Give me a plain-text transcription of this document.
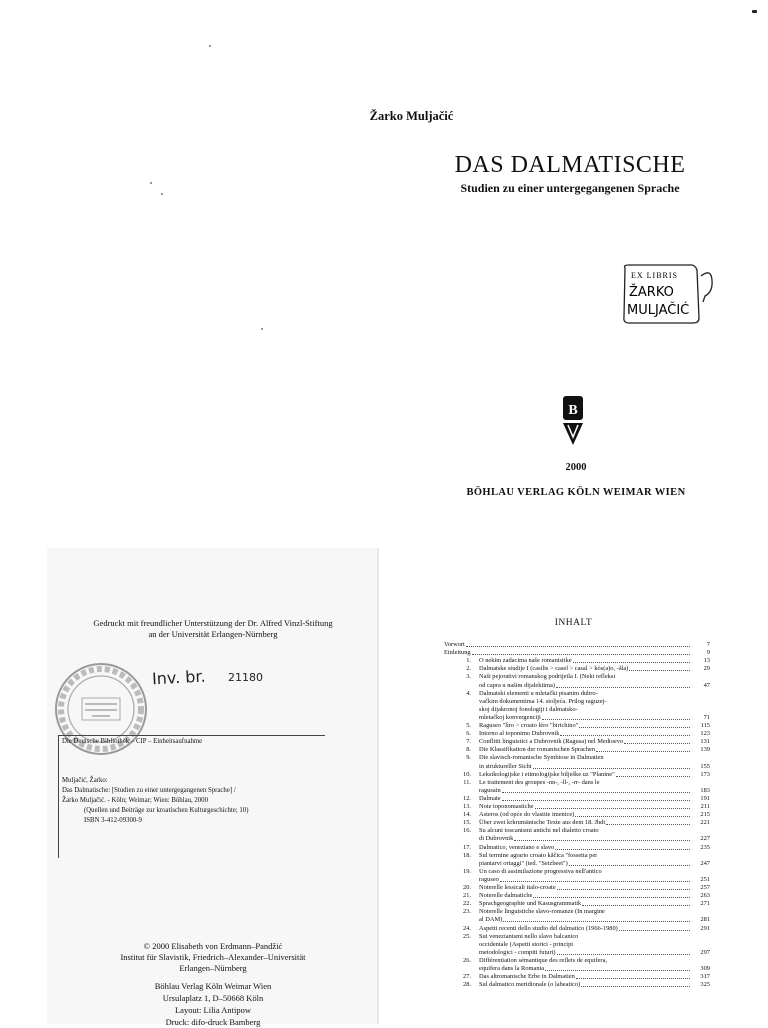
Žarko Muljačić
DAS DALMATISCHE
Studien zu einer untergegangenen Sprache
EX LIBRIS
ŽARKO
MULJAČIĆ
B
2000
BÖHLAU VERLAG KÖLN WEIMAR WIEN
Gedruckt mit freundlicher Unterstützung der Dr. Alfred Vinzl-Stiftung
an der Universität Erlangen-Nürnberg
© 2000 Elisabeth von Erdmann–Pandžić
Institut für Slavistik, Friedrich–Alexander–Universität
Erlangen–Nürnberg
Böhlau Verlag Köln Weimar Wien
Ursulaplatz 1, D–50668 Köln
Layout: Lilia Antipow
Druck: difo-druck Bamberg
Inv. br. 21180
Die Deutsche Bibliothek – CIP – Einheitsaufnahme
Muljačić, Žarko:
Das Dalmatische: [Studien zu einer untergegangenen Sprache] /
Žarko Muljačić. - Köln; Weimar; Wien: Böhlau, 2000
(Quellen und Beiträge zur kroatischen Kulturgeschichte; 10)
ISBN 3-412-09300-9
INHALT
Vorwort	7
Einleitung	9
1. O nekim zadacima naše romanistike	13
2. Dalmatske studije I (casilis > casel > casal > kòs(a)o, -ăla)	29
3. Naši pejorativi romanskog podrijetla I. (Neki refleksi
od capra u našim dijalektima)	47
4. Dalmatski elementi u mletački pisanim dubro-
vačkim dokumentima 14. stoljeća. Prilog raguzej-
skoj dijakronoj fonologiji i dalmatsko-
mletačkoj konvergenciji	71
5. Raguseo "lìro > croato léro "birichino"	115
6. Intorno al toponimo Dubrovnik	123
7. Conflitti linguistici a Dubrovnik (Ragusa) nel Medioevo	131
8. Die Klassifikation der romanischen Sprachen	139
9. Die slavisch-romanische Symbiose in Dalmatien
in strukturеller Sicht	155
10. Leksikologijske i etimologijske bilješke uz "Planine"	173
11. Le traitement des groupes -nn-, -ll-, -rr- dans le
ragusain	183
12. Dalmate	191
13. Note toponomastiche	211
14. Asteros (od opće do vlastite imenice)	215
15. Über zwei krkrumänische Texte aus dem 18. Jhdt	221
16. Su alcuni toscanismi antichi nel dialetto croato
di Dubrovnik	227
17. Dalmatico, veneziano e slavo	235
18. Sul termine agrario croato kăčica "fossetta per
piantarvi ortaggi" (ted. "Setzbeet")	247
19. Un caso di assimilazione progressiva nell'antico
raguseo	251
20. Noterelle lessicali italo-croate	257
21. Noterelle dalmatiche	263
22. Sprachgeographie und Kasusgrammatik	271
23. Noterelle linguistiche slavo-romanze (In margine
al DAM)	281
24. Aspetti recenti dello studio del dalmatico (1966-1980)	291
25. Sui venezianismi nello slavo balcanico
occidentale (Aspetti storici - principi
metodologici - compiti futuri)	297
26. Différentiation sémantique des reflets de equifera,
equifera dans la Romania	309
27. Das altromanische Erbe in Dalmatien	317
28. Sul dalmatico meridionale (o labeatico)	325
